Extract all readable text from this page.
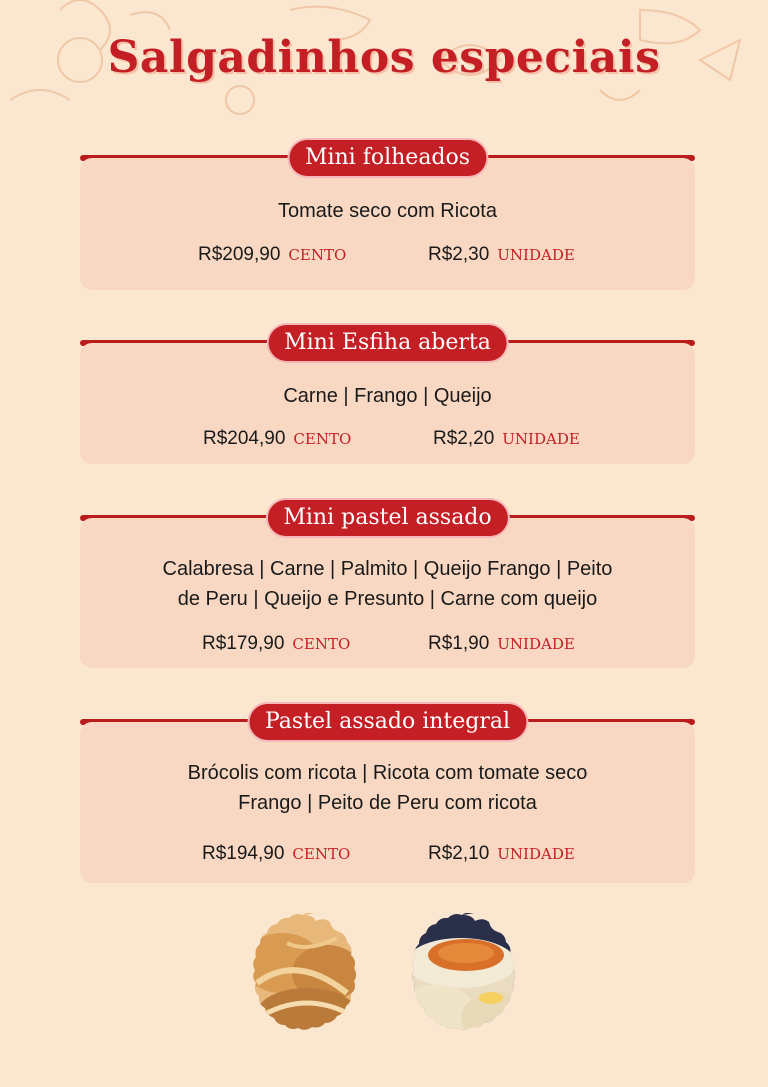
Salgadinhos especiais
Mini folheados
Tomate seco com Ricota
R$209,90 CENTO	R$2,30 UNIDADE
Mini Esfiha aberta
Carne | Frango | Queijo
R$204,90 CENTO	R$2,20 UNIDADE
Mini pastel assado
Calabresa | Carne | Palmito | Queijo Frango | Peito
de Peru | Queijo e Presunto | Carne com queijo
R$179,90 CENTO	R$1,90 UNIDADE
Pastel assado integral
Brócolis com ricota | Ricota com tomate seco
Frango | Peito de Peru com ricota
R$194,90 CENTO	R$2,10 UNIDADE
